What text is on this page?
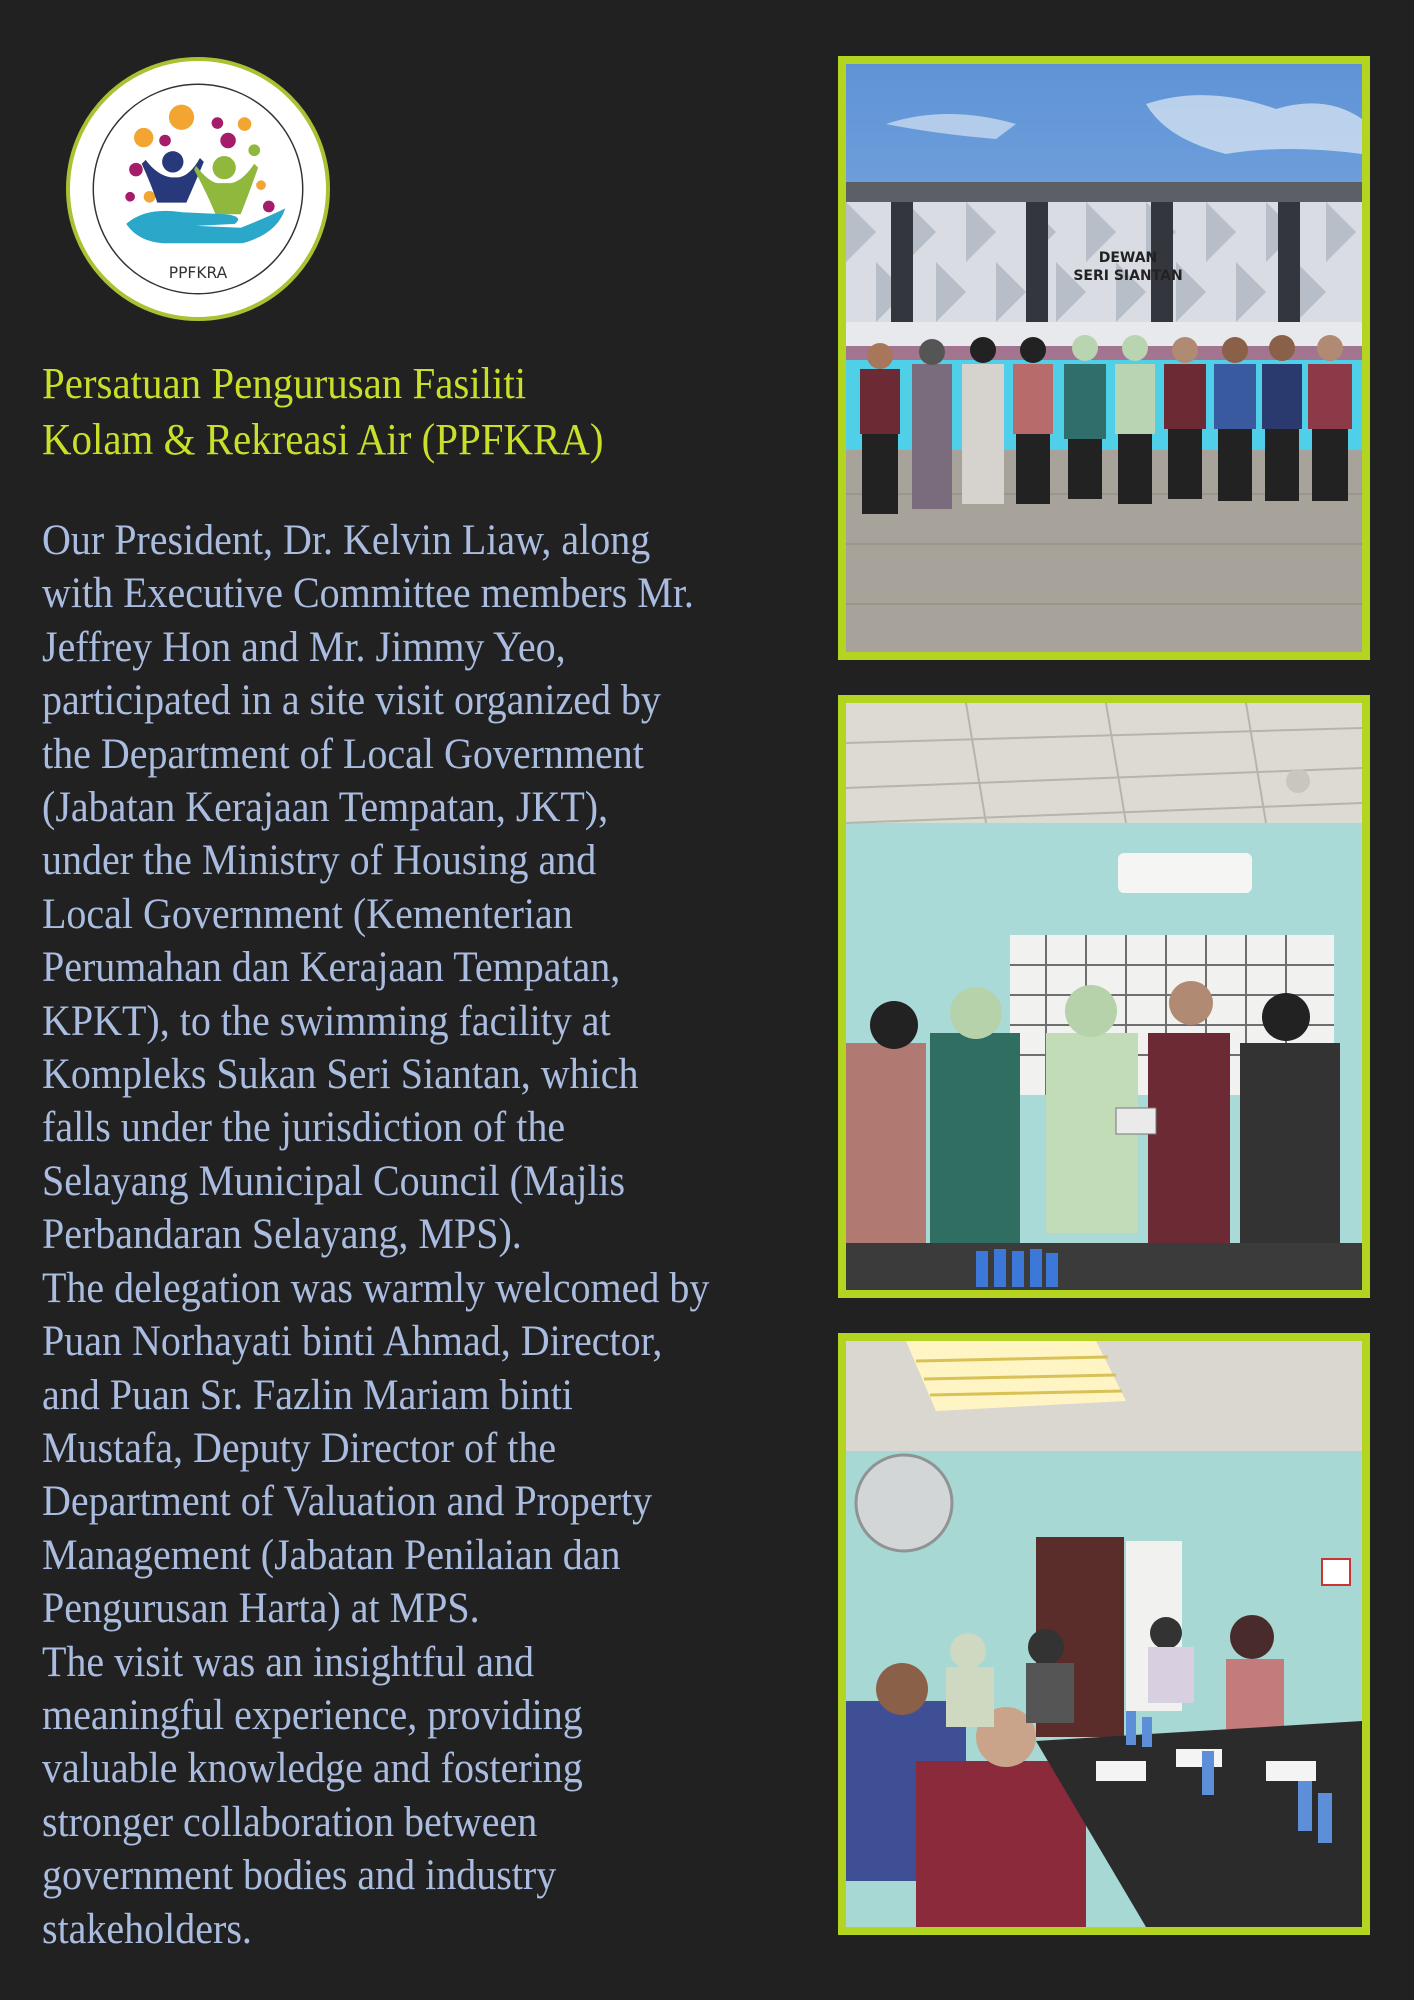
PPFKRA
Persatuan Pengurusan Fasiliti
Kolam & Rekreasi Air (PPFKRA)
Our President, Dr. Kelvin Liaw, along
with Executive Committee members Mr.
Jeffrey Hon and Mr. Jimmy Yeo,
participated in a site visit organized by
the Department of Local Government
(Jabatan Kerajaan Tempatan, JKT),
under the Ministry of Housing and
Local Government (Kementerian
Perumahan dan Kerajaan Tempatan,
KPKT), to the swimming facility at
Kompleks Sukan Seri Siantan, which
falls under the jurisdiction of the
Selayang Municipal Council (Majlis
Perbandaran Selayang, MPS).
The delegation was warmly welcomed by
Puan Norhayati binti Ahmad, Director,
and Puan Sr. Fazlin Mariam binti
Mustafa, Deputy Director of the
Department of Valuation and Property
Management (Jabatan Penilaian dan
Pengurusan Harta) at MPS.
The visit was an insightful and
meaningful experience, providing
valuable knowledge and fostering
stronger collaboration between
government bodies and industry
stakeholders.
DEWAN
SERI SIANTAN
